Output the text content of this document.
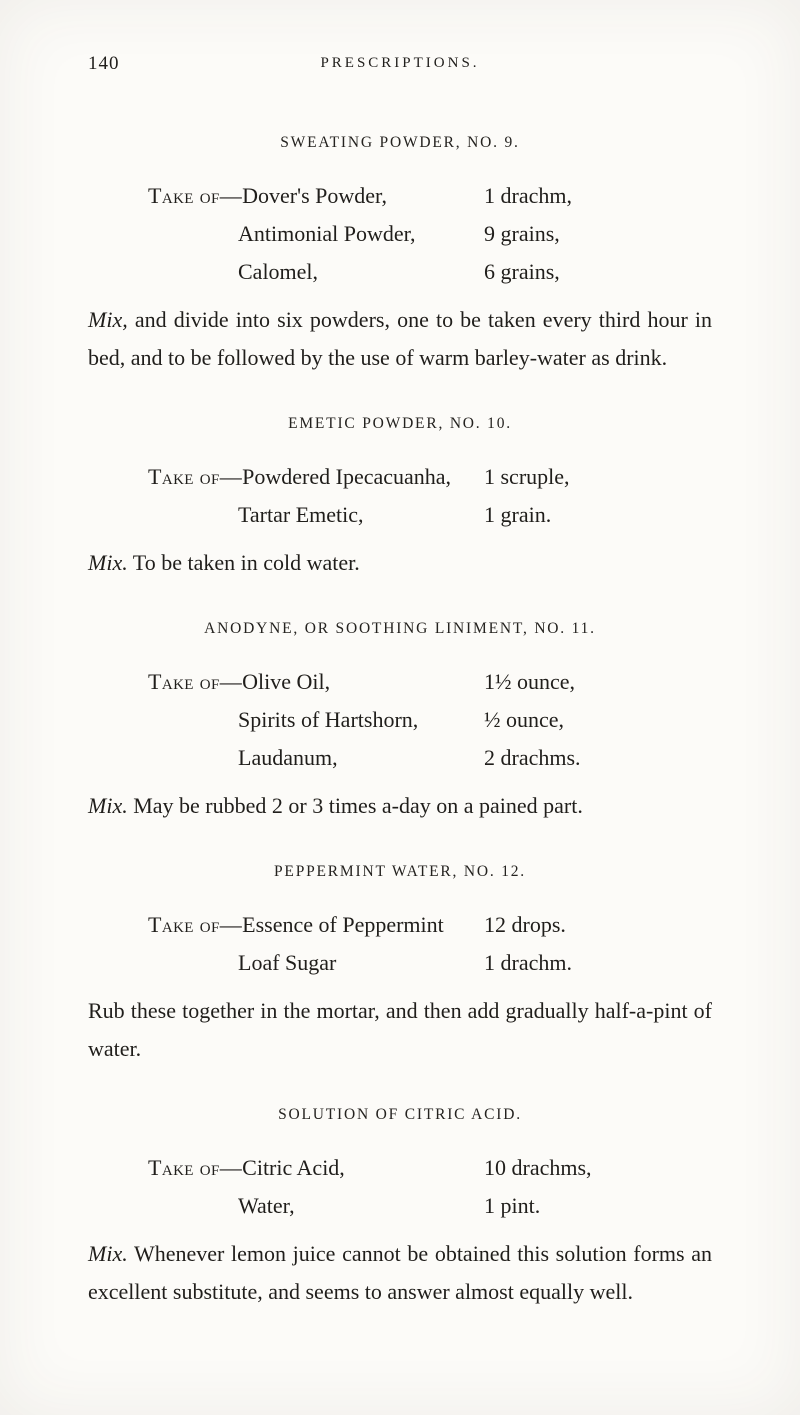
140	PRESCRIPTIONS.
SWEATING POWDER, NO. 9.
Take of—Dover's Powder,	1 drachm,
Antimonial Powder,	9 grains,
Calomel,	6 grains,

Mix, and divide into six powders, one to be taken every third hour in bed, and to be followed by the use of warm barley-water as drink.

EMETIC POWDER, NO. 10.
Take of—Powdered Ipecacuanha,	1 scruple,
Tartar Emetic,	1 grain.

Mix. To be taken in cold water.

ANODYNE, OR SOOTHING LINIMENT, NO. 11.
Take of—Olive Oil,	1½ ounce,
Spirits of Hartshorn,	½ ounce,
Laudanum,	2 drachms.

Mix. May be rubbed 2 or 3 times a-day on a pained part.

PEPPERMINT WATER, NO. 12.
Take of—Essence of Peppermint	12 drops.
Loaf Sugar	1 drachm.

Rub these together in the mortar, and then add gradually half-a-pint of water.

SOLUTION OF CITRIC ACID.
Take of—Citric Acid,	10 drachms,
Water,	1 pint.

Mix. Whenever lemon juice cannot be obtained this solution forms an excellent substitute, and seems to answer almost equally well.
